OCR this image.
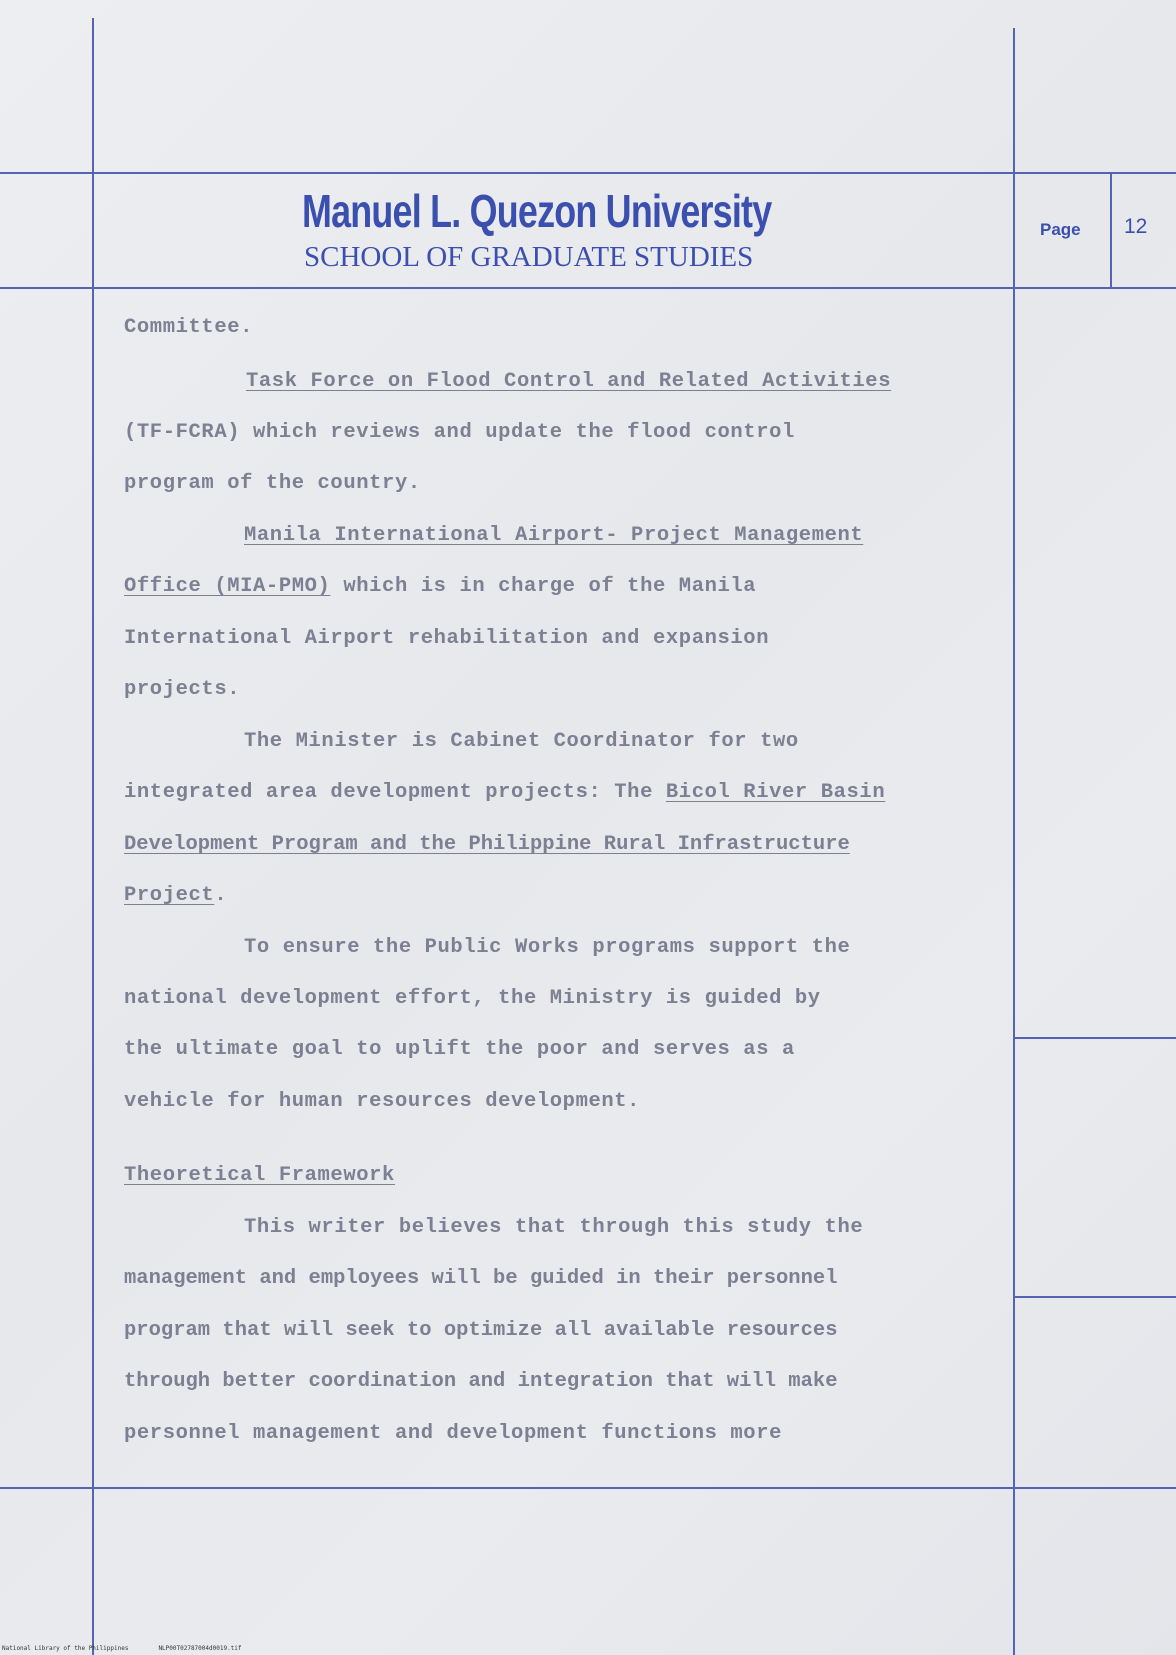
Manuel L. Quezon University
SCHOOL OF GRADUATE STUDIES
Page 12
Committee.
Task Force on Flood Control and Related Activities
(TF-FCRA) which reviews and update the flood control
program of the country.
Manila International Airport- Project Management
Office (MIA-PMO) which is in charge of the Manila
International Airport rehabilitation and expansion
projects.
The Minister is Cabinet Coordinator for two
integrated area development projects: The Bicol River Basin
Development Program and the Philippine Rural Infrastructure
Project.
To ensure the Public Works programs support the
national development effort, the Ministry is guided by
the ultimate goal to uplift the poor and serves as a
vehicle for human resources development.
Theoretical Framework
This writer believes that through this study the
management and employees will be guided in their personnel
program that will seek to optimize all available resources
through better coordination and integration that will make
personnel management and development functions more
National Library of the Philippines	NLP00T02787004d0019.tif
